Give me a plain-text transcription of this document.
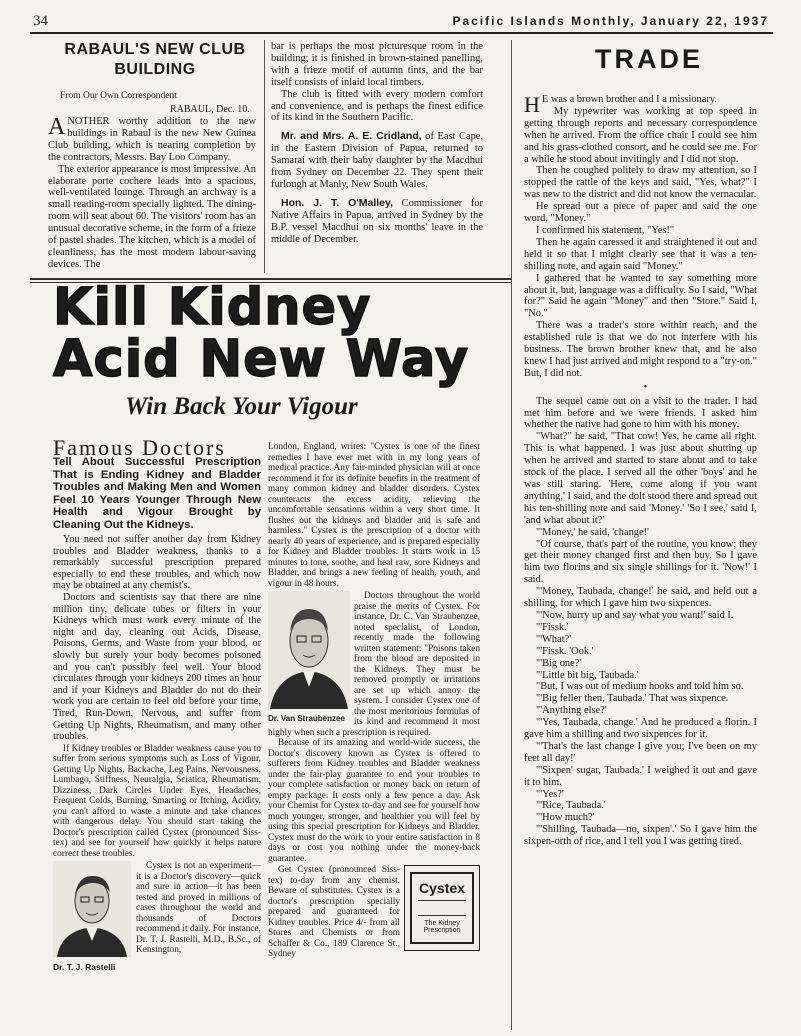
34	Pacific Islands Monthly, January 22, 1937
RABAUL'S NEW CLUB BUILDING
From Our Own Correspondent
RABAUL, Dec. 10.

ANOTHER worthy addition to the new buildings in Rabaul is the new New Guinea Club building, which is nearing completion by the contractors, Messrs. Bay Loo Company.

The exterior appearance is most impressive. An elaborate porte cochere leads into a spacious, well-ventilated lounge. Through an archway is a small reading-room specially lighted. The dining-room will seat about 60. The visitors' room has an unusual decorative scheme, in the form of a frieze of pastel shades. The kitchen, which is a model of cleanliness, has the most modern labour-saving devices. The

bar is perhaps the most picturesque room in the building; it is finished in brown-stained panelling, with a frieze motif of autumn tints, and the bar itself consists of inlaid local timbers.

The club is fitted with every modern comfort and convenience, and is perhaps the finest edifice of its kind in the Southern Pacific.

Mr. and Mrs. A. E. Cridland, of East Cape, in the Eastern Division of Papua, returned to Samarai with their baby daughter by the Macdhui from Sydney on December 22. They spent their furlough at Manly, New South Wales.

Hon. J. T. O'Malley, Commissioner for Native Affairs in Papua, arrived in Sydney by the B.P. vessel Macdhui on six months' leave in the middle of December.

TRADE

H E was a brown brother and I a missionary.

My typewriter was working at top speed in getting through reports and necessary correspondence when he arrived. From the office chair I could see him and his grass-clothed consort, and he could see me. For a while he stood about invitingly and I did not stop.

Then he coughed politely to draw my attention, so I stopped the rattle of the keys and said, "Yes, what?" I was new to the district and did not know the vernacular.

He spread out a piece of paper and said the one word, "Money."

I confirmed his statement, "Yes!"

Then he again caressed it and straightened it out and held it so that I might clearly see that it was a ten-shilling note, and again said "Money."

I gathered that he wanted to say something more about it, but, language was a difficulty. So I said, "What for?" Said he again "Money" and then "Store." Said I, "No."

There was a trader's store within reach, and the established rule is that we do not interfere with his business. The brown brother knew that, and he also knew I had just arrived and might respond to a "try-on." But, I did not.

•

The sequel came out on a visit to the trader. I had met him before and we were friends. I asked him whether the native had gone to him with his money.

"What?" he said, "That cow! Yes, he came all right. This is what happened. I was just about shutting up when he arrived and started to stare about and to take stock of the place. I served all the other 'boys' and he was still staring. 'Here, come along if you want anything,' I said, and the dolt stood there and spread out his ten-shilling note and said 'Money.' 'So I see,' said I, 'and what about it?'

"'Money,' he said, 'change!'

"Of course, that's part of the routine, you know; they get their money changed first and then buy. So I gave him two florins and six single shillings for it. 'Now!' I said.

"'Money, Taubada, change!' he said, and held out a shilling, for which I gave him two sixpences.

"'Now, hurry up and say what you want!' said I.

"'Fissk.'

"'What?'

"'Fissk. 'Ook.'

"'Big one?'

"'Little bit big, Taubada.'

"But, I was out of medium hooks and told him so.

"'Big feller then, Taubada.' That was sixpence.

"'Anything else?'

"'Yes, Taubada, change.' And he produced a florin. I gave him a shilling and two sixpences for it.

"'That's the last change I give you; I've been on my feet all day!'

"'Sixpen' sugar, Taubada.' I weighed it out and gave it to him.

"'Yes?'

"'Rice, Taubada.'

"'How much?'

"'Shilling, Taubada—no, sixpen'.' So I gave him the sixpen-orth of rice, and I tell you I was getting tired.

Kill Kidney Acid New Way
Win Back Your Vigour
Famous Doctors
Tell About Successful Prescription That is Ending Kidney and Bladder Troubles and Making Men and Women Feel 10 Years Younger Through New Health and Vigour Brought by Cleaning Out the Kidneys.

You need not suffer another day from Kidney troubles and Bladder weakness, thanks to a remarkably successful prescription prepared especially to end these troubles, and which now may be obtained at any chemist's.

Doctors and scientists say that there are nine million tiny, delicate tubes or filters in your Kidneys which must work every minute of the night and day, cleaning out Acids, Disease, Poisons, Germs, and Waste from your blood, or slowly but surely your body becomes poisoned and you can't possibly feel well. Your blood circulates through your kidneys 200 times an hour and if your Kidneys and Bladder do not do their work you are certain to feel old before your time, Tired, Run-Down, Nervous, and suffer from Getting Up Nights, Rheumatism, and many other troubles.

If Kidney troubles or Bladder weakness cause you to suffer from serious symptoms such as Loss of Vigour, Getting Up Nights, Backache, Leg Pains, Nervousness, Lumbago, Stiffness, Neuralgia, Sciatica, Rheumatism, Dizziness, Dark Circles Under Eyes, Headaches, Frequent Colds, Burning, Smarting or Itching, Acidity, you can't afford to waste a minute and take chances with dangerous delay. You should start taking the Doctor's prescription called Cystex (pronounced Siss-tex) and see for yourself how quickly it helps nature correct these troubles.

Dr. T. J. Rastelli

Cystex is not an experiment—it is a Doctor's discovery—quick and sure in action—it has been tested and proved in millions of cases throughout the world and thousands of Doctors recommend it daily. For instance, Dr. T. J. Rastelli, M.D., B.Sc., of Kensington,

London, England, writes: "Cystex is one of the finest remedies I have ever met with in my long years of medical practice. Any fair-minded physician will at once recommend it for its definite benefits in the treatment of many common kidney and bladder disorders. Cystex counteracts the excess acidity, relieving the uncomfortable sensations within a very short time. It flushes out the kidneys and bladder and is safe and harmless." Cystex is the prescription of a doctor with nearly 40 years of experience, and is prepared especially for Kidney and Bladder troubles. It starts work in 15 minutes to tone, soothe, and heal raw, sore Kidneys and Bladder, and brings a new feeling of health, youth, and vigour in 48 hours.

Dr. Van Straubenzee

Doctors throughout the world praise the merits of Cystex. For instance, Dr. C. Van Straubenzee, noted specialist, of London, recently made the following written statement: "Poisons taken from the blood are deposited in the Kidneys. They must be removed promptly or irritations are set up which annoy the system. I consider Cystex one of the most meritorious formulas of its kind and recommend it most highly when such a prescription is required.

Because of its amazing and world-wide success, the Doctor's discovery known as Cystex is offered to sufferers from Kidney troubles and Bladder weakness under the fair-play guarantee to end your troubles to your complete satisfaction or money back on return of empty package. It costs only a few pence a day. Ask your Chemist for Cystex to-day and see for yourself how much younger, stronger, and healthier you will feel by using this special prescription for Kidneys and Bladder. Cystex must do the work to your entire satisfaction in 8 days or cost you nothing under the money-back guarantee.

Cystex
The Kidney Prescription

Get Cystex (pronounced Siss-tex) to-day from any chemist. Beware of substitutes. Cystex is a doctor's prescription specially prepared and guaranteed for Kidney troubles. Price 4/- from all Stores and Chemists or from Schaffer & Co., 189 Clarence St., Sydney
